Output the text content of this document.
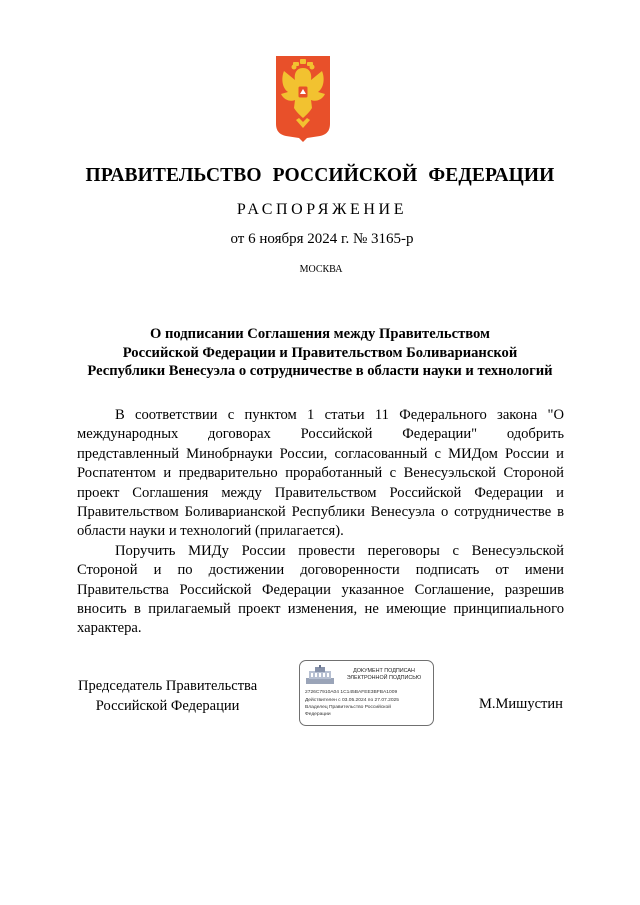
ПРАВИТЕЛЬСТВО РОССИЙСКОЙ ФЕДЕРАЦИИ

РАСПОРЯЖЕНИЕ

от 6 ноября 2024 г. № 3165-р

МОСКВА

О подписании Соглашения между Правительством
Российской Федерации и Правительством Боливарианской
Республики Венесуэла о сотрудничестве в области науки и технологий

В соответствии с пунктом 1 статьи 11 Федерального закона "О международных договорах Российской Федерации" одобрить представленный Минобрнауки России, согласованный с МИДом России и Роспатентом и предварительно проработанный с Венесуэльской Стороной проект Соглашения между Правительством Российской Федерации и Правительством Боливарианской Республики Венесуэла о сотрудничестве в области науки и технологий (прилагается).

Поручить МИДу России провести переговоры с Венесуэльской Стороной и по достижении договоренности подписать от имени Правительства Российской Федерации указанное Соглашение, разрешив вносить в прилагаемый проект изменения, не имеющие принципиального характера.

Председатель Правительства
Российской Федерации
ДОКУМЕНТ ПОДПИСАН
ЭЛЕКТРОННОЙ ПОДПИСЬЮ
2726C7910A04 1C145BAFEE3BFBA1009
Действителен с 03.05.2024 по 27.07.2025
Владелец Правительство Российской
Федерации

М.Мишустин
